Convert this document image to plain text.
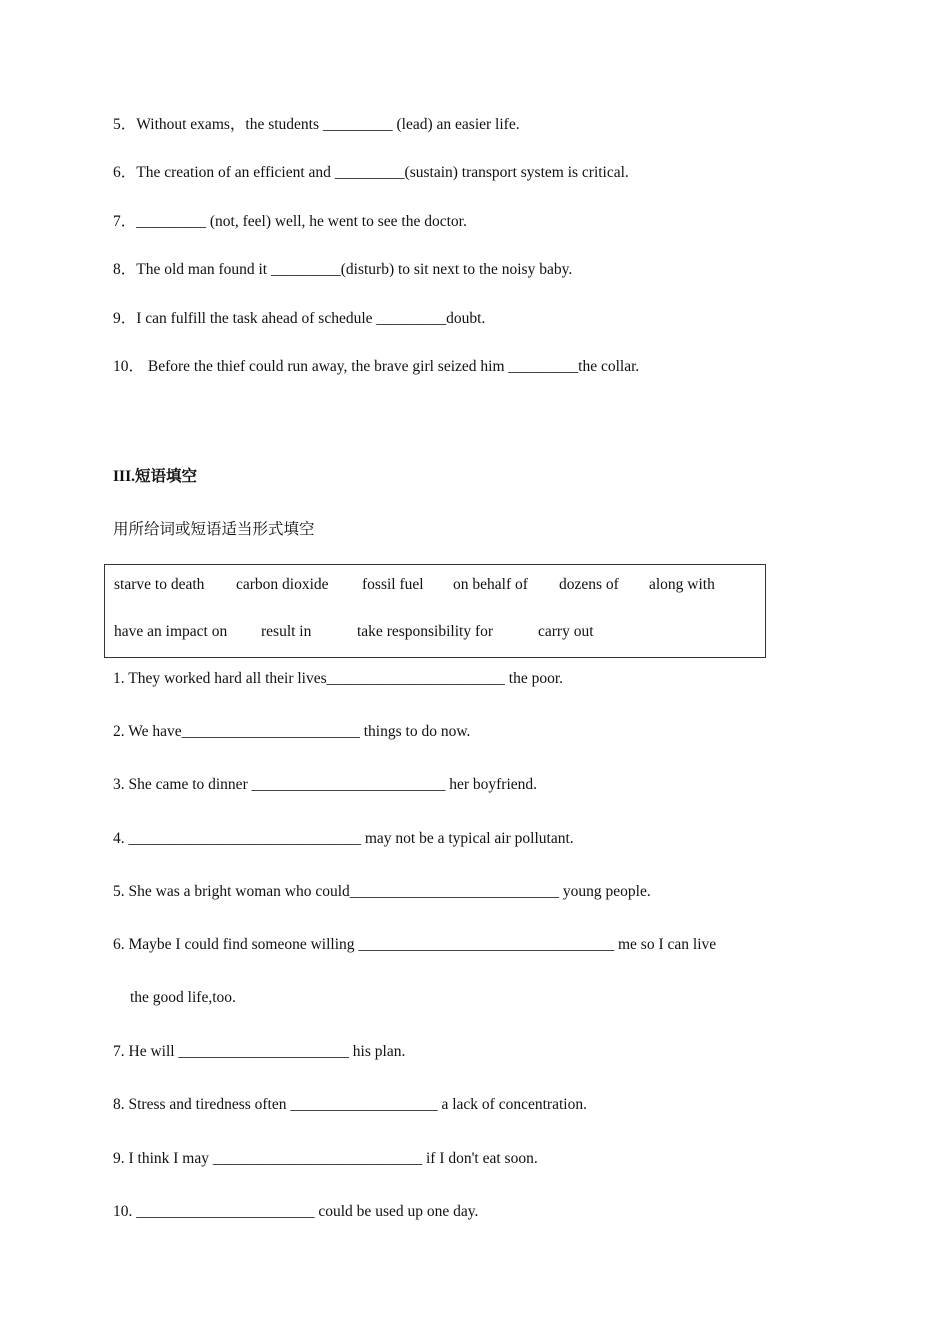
5．Without exams，the students _________ (lead) an easier life.
6．The creation of an efficient and _________(sustain) transport system is critical.
7．_________ (not, feel) well, he went to see the doctor.
8．The old man found it _________(disturb) to sit next to the noisy baby.
9．I can fulfill the task ahead of schedule _________doubt.
10． Before the thief could run away, the brave girl seized him _________the collar.
III.短语填空
用所给词或短语适当形式填空
starve to death carbon dioxide fossil fuel on behalf of dozens of along with
have an impact on result in	take responsibility for	carry out
1. They worked hard all their lives_______________________ the poor.
2. We have_______________________ things to do now.
3. She came to dinner _________________________ her boyfriend.
4. ______________________________ may not be a typical air pollutant.
5. She was a bright woman who could___________________________ young people.
6. Maybe I could find someone willing _________________________________ me so I can live
the good life,too.
7. He will ______________________ his plan.
8. Stress and tiredness often ___________________ a lack of concentration.
9. I think I may ___________________________ if I don't eat soon.
10. _______________________ could be used up one day.
